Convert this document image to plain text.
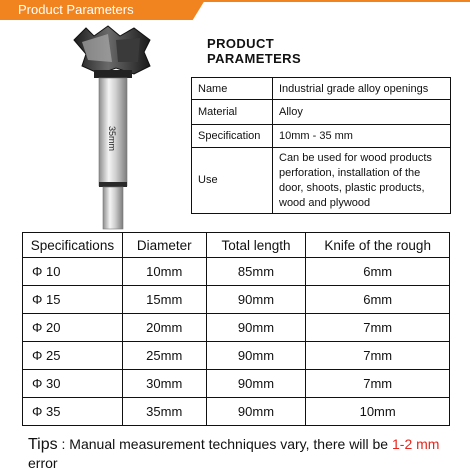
Product Parameters
35mm
PRODUCT
PARAMETERS
Name	Industrial grade alloy openings
Material	Alloy
Specification	10mm - 35 mm
Use	Can be used for wood products perforation, installation of the door, shoots, plastic products, wood and plywood
Specifications	Diameter	Total length	Knife of the rough
Φ 10	10mm	85mm	6mm
Φ 15	15mm	90mm	6mm
Φ 20	20mm	90mm	7mm
Φ 25	25mm	90mm	7mm
Φ 30	30mm	90mm	7mm
Φ 35	35mm	90mm	10mm
Tips : Manual measurement techniques vary, there will be 1-2 mm error
